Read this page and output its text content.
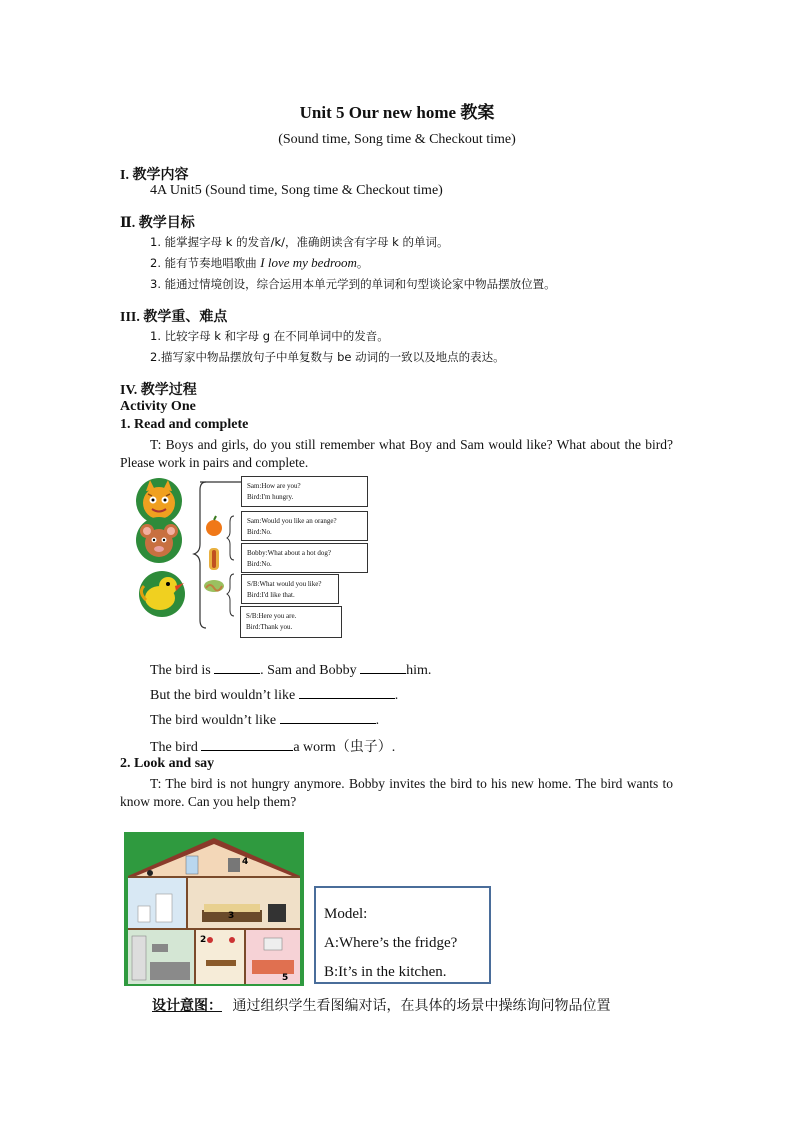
Unit 5 Our new home 教案
(Sound time, Song time & Checkout time)
I. 教学内容
4A Unit5 (Sound time, Song time & Checkout time)
Ⅱ. 教学目标
1. 能掌握字母 k 的发音/k/，准确朗读含有字母 k 的单词。
2. 能有节奏地唱歌曲 I love my bedroom。
3. 能通过情境创设，综合运用本单元学到的单词和句型谈论家中物品摆放位置。
III. 教学重、难点
1. 比较字母 k 和字母 g 在不同单词中的发音。
2.描写家中物品摆放句子中单复数与 be 动词的一致以及地点的表达。
IV. 教学过程
Activity One
1. Read and complete
T: Boys and girls, do you still remember what Boy and Sam would like? What about the bird? Please work in pairs and complete.
Sam:How are you?
Bird:I'm hungry.
Sam:Would you like an orange?
Bird:No.
Bobby:What about a hot dog?
Bird:No.
S/B:What would you like?
Bird:I'd like that.
S/B:Here you are.
Bird:Thank you.
The bird is	. Sam and Bobby	him.
But the bird wouldn’t like	.
The bird wouldn’t like	.
The bird	a worm（虫子）.
2. Look and say
T: The bird is not hungry anymore. Bobby invites the bird to his new home. The bird wants to know more. Can you help them?
4
3
2
5
Model:
A:Where’s the fridge?
B:It’s in the kitchen.
设计意图： 通过组织学生看图编对话，在具体的场景中操练询问物品位置
